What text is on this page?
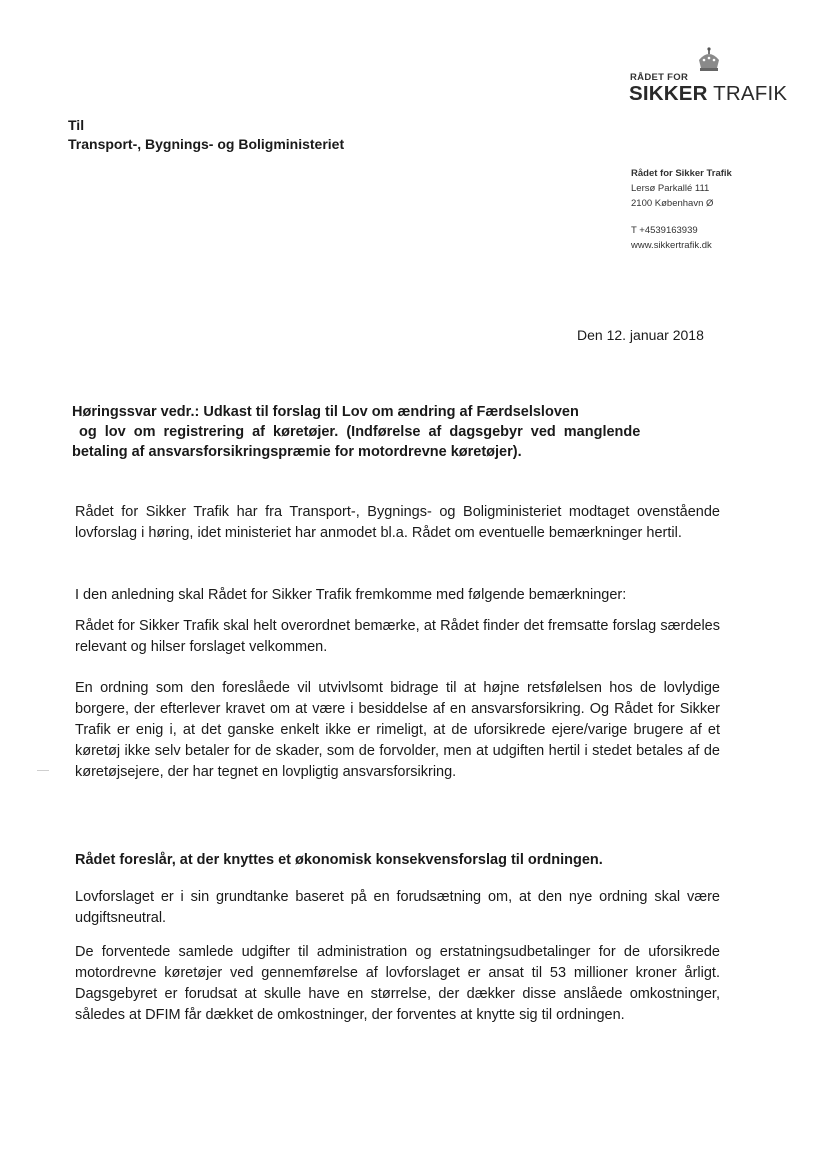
RÅDET FOR
SIKKER TRAFIK
Rådet for Sikker Trafik
Lersø Parkallé 111
2100 København Ø
T +4539163939
www.sikkertrafik.dk
Til
Transport-, Bygnings- og Boligministeriet
Den 12. januar 2018
Høringssvar vedr.: Udkast til forslag til Lov om ændring af Færdselsloven
og lov om registrering af køretøjer. (Indførelse af dagsgebyr ved manglende
betaling af ansvarsforsikringspræmie for motordrevne køretøjer).
Rådet for Sikker Trafik har fra Transport-, Bygnings- og Boligministeriet modtaget ovenstående lovforslag i høring, idet ministeriet har anmodet bl.a. Rådet om eventuelle bemærkninger hertil.
I den anledning skal Rådet for Sikker Trafik fremkomme med følgende bemærkninger:
Rådet for Sikker Trafik skal helt overordnet bemærke, at Rådet finder det fremsatte forslag særdeles relevant og hilser forslaget velkommen.
En ordning som den foreslåede vil utvivlsomt bidrage til at højne retsfølelsen hos de lovlydige borgere, der efterlever kravet om at være i besiddelse af en ansvarsforsikring. Og Rådet for Sikker Trafik er enig i, at det ganske enkelt ikke er rimeligt, at de uforsikrede ejere/varige brugere af et køretøj ikke selv betaler for de skader, som de forvolder, men at udgiften hertil i stedet betales af de køretøjsejere, der har tegnet en lovpligtig ansvarsforsikring.
Rådet foreslår, at der knyttes et økonomisk konsekvensforslag til ordningen.
Lovforslaget er i sin grundtanke baseret på en forudsætning om, at den nye ordning skal være udgiftsneutral.
De forventede samlede udgifter til administration og erstatningsudbetalinger for de uforsikrede motordrevne køretøjer ved gennemførelse af lovforslaget er ansat til 53 millioner kroner årligt. Dagsgebyret er forudsat at skulle have en størrelse, der dækker disse anslåede omkostninger, således at DFIM får dækket de omkostninger, der forventes at knytte sig til ordningen.
